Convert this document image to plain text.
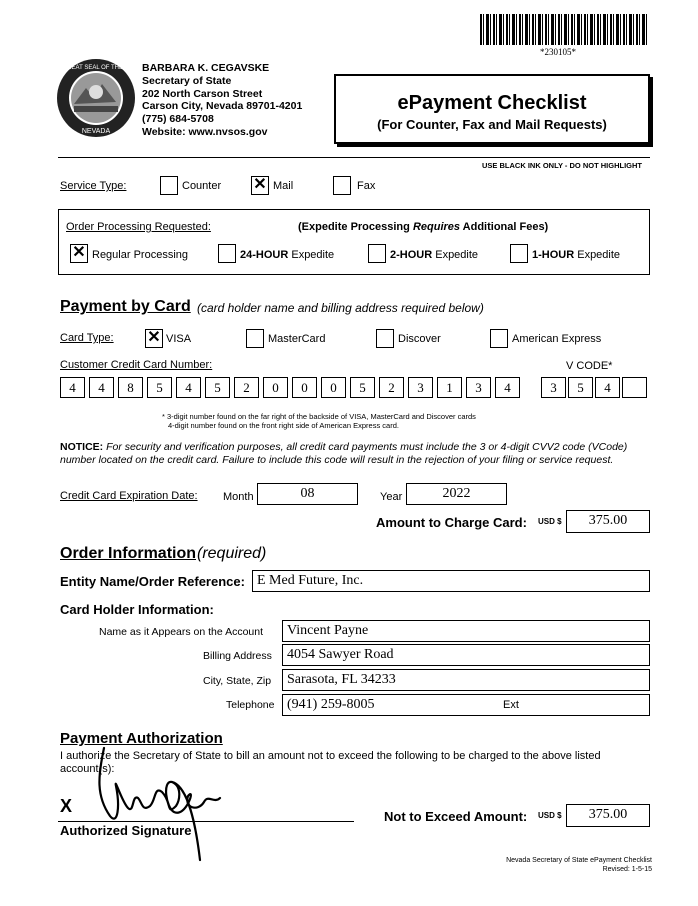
*230105*
THE GREAT SEAL OF THE STATE
NEVADA
BARBARA K. CEGAVSKE
Secretary of State
202 North Carson Street
Carson City, Nevada 89701-4201
(775) 684-5708
Website: www.nvsos.gov
ePayment Checklist
(For Counter, Fax and Mail Requests)
USE BLACK INK ONLY - DO NOT HIGHLIGHT
Service Type:	Counter ✕ Mail	Fax
Order Processing Requested:	(Expedite Processing Requires Additional Fees)
✕ Regular Processing	24-HOUR Expedite	2-HOUR Expedite	1-HOUR Expedite
Payment by Card (card holder name and billing address required below)
Card Type: ✕ VISA	MasterCard	Discover	American Express
Customer Credit Card Number:	V CODE*
4	4	8	5	4	5	2	0	0	0	5	2	3	1	3	4	3	5	4
* 3-digit number found on the far right of the backside of VISA, MasterCard and Discover cards
4-digit number found on the front right side of American Express card.
NOTICE: For security and verification purposes, all credit card payments must include the 3 or 4-digit CVV2 code (VCode) number located on the credit card. Failure to include this code will result in the rejection of your filing or service request.
Credit Card Expiration Date: Month	08	Year	2022
Amount to Charge Card: USD $	375.00
Order Information (required)
Entity Name/Order Reference: E Med Future, Inc.
Card Holder Information:
Name as it Appears on the Account	Vincent Payne
Billing Address	4054 Sawyer Road
City, State, Zip	Sarasota, FL 34233
Telephone (941) 259-8005	Ext
Payment Authorization
I authorize the Secretary of State to bill an amount not to exceed the following to be charged to the above listed account(s):
X
Authorized Signature
Not to Exceed Amount: USD $	375.00
Nevada Secretary of State ePayment Checklist
Revised: 1-5-15
